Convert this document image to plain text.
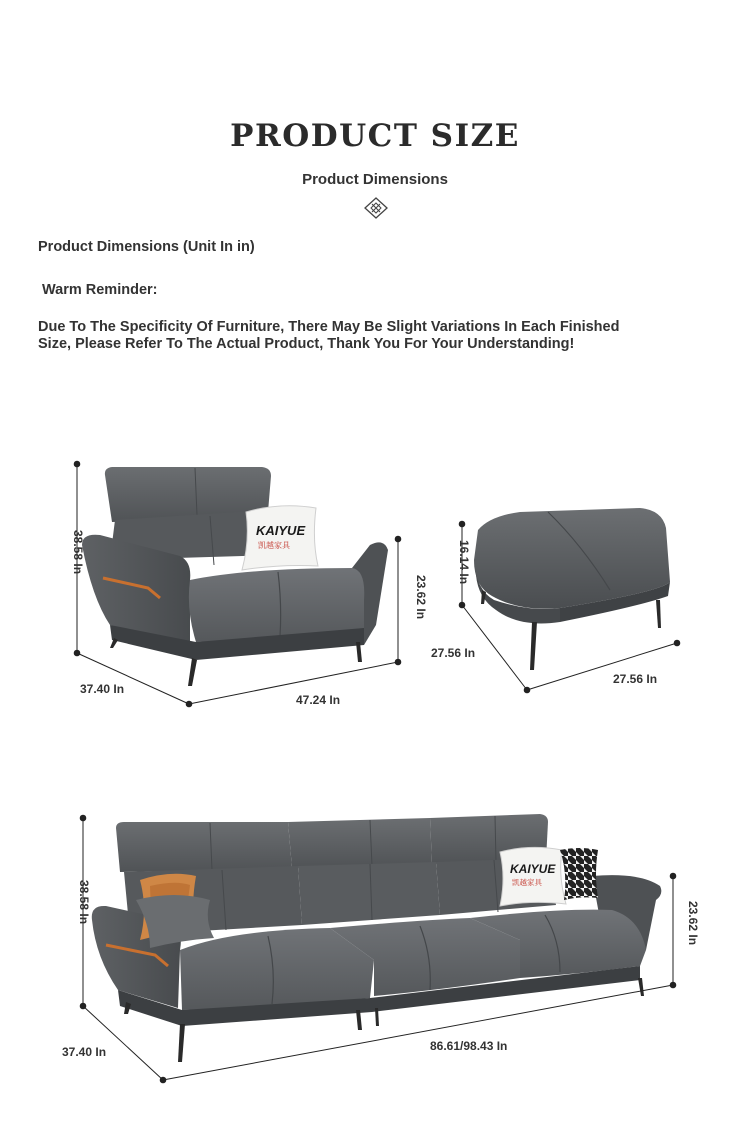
PRODUCT SIZE
Product Dimensions
Product Dimensions (Unit In in)
Warm Reminder:
Due To The Specificity Of Furniture, There May Be Slight Variations In Each Finished Size, Please Refer To The Actual Product, Thank You For Your Understanding!
KAIYUE
凯越家具
38.58 In
23.62 In
37.40 In
47.24 In
16.14 In
27.56 In
27.56 In
KAIYUE
凯越家具
38.58 In	23.62 In
37.40 In	86.61/98.43 In
